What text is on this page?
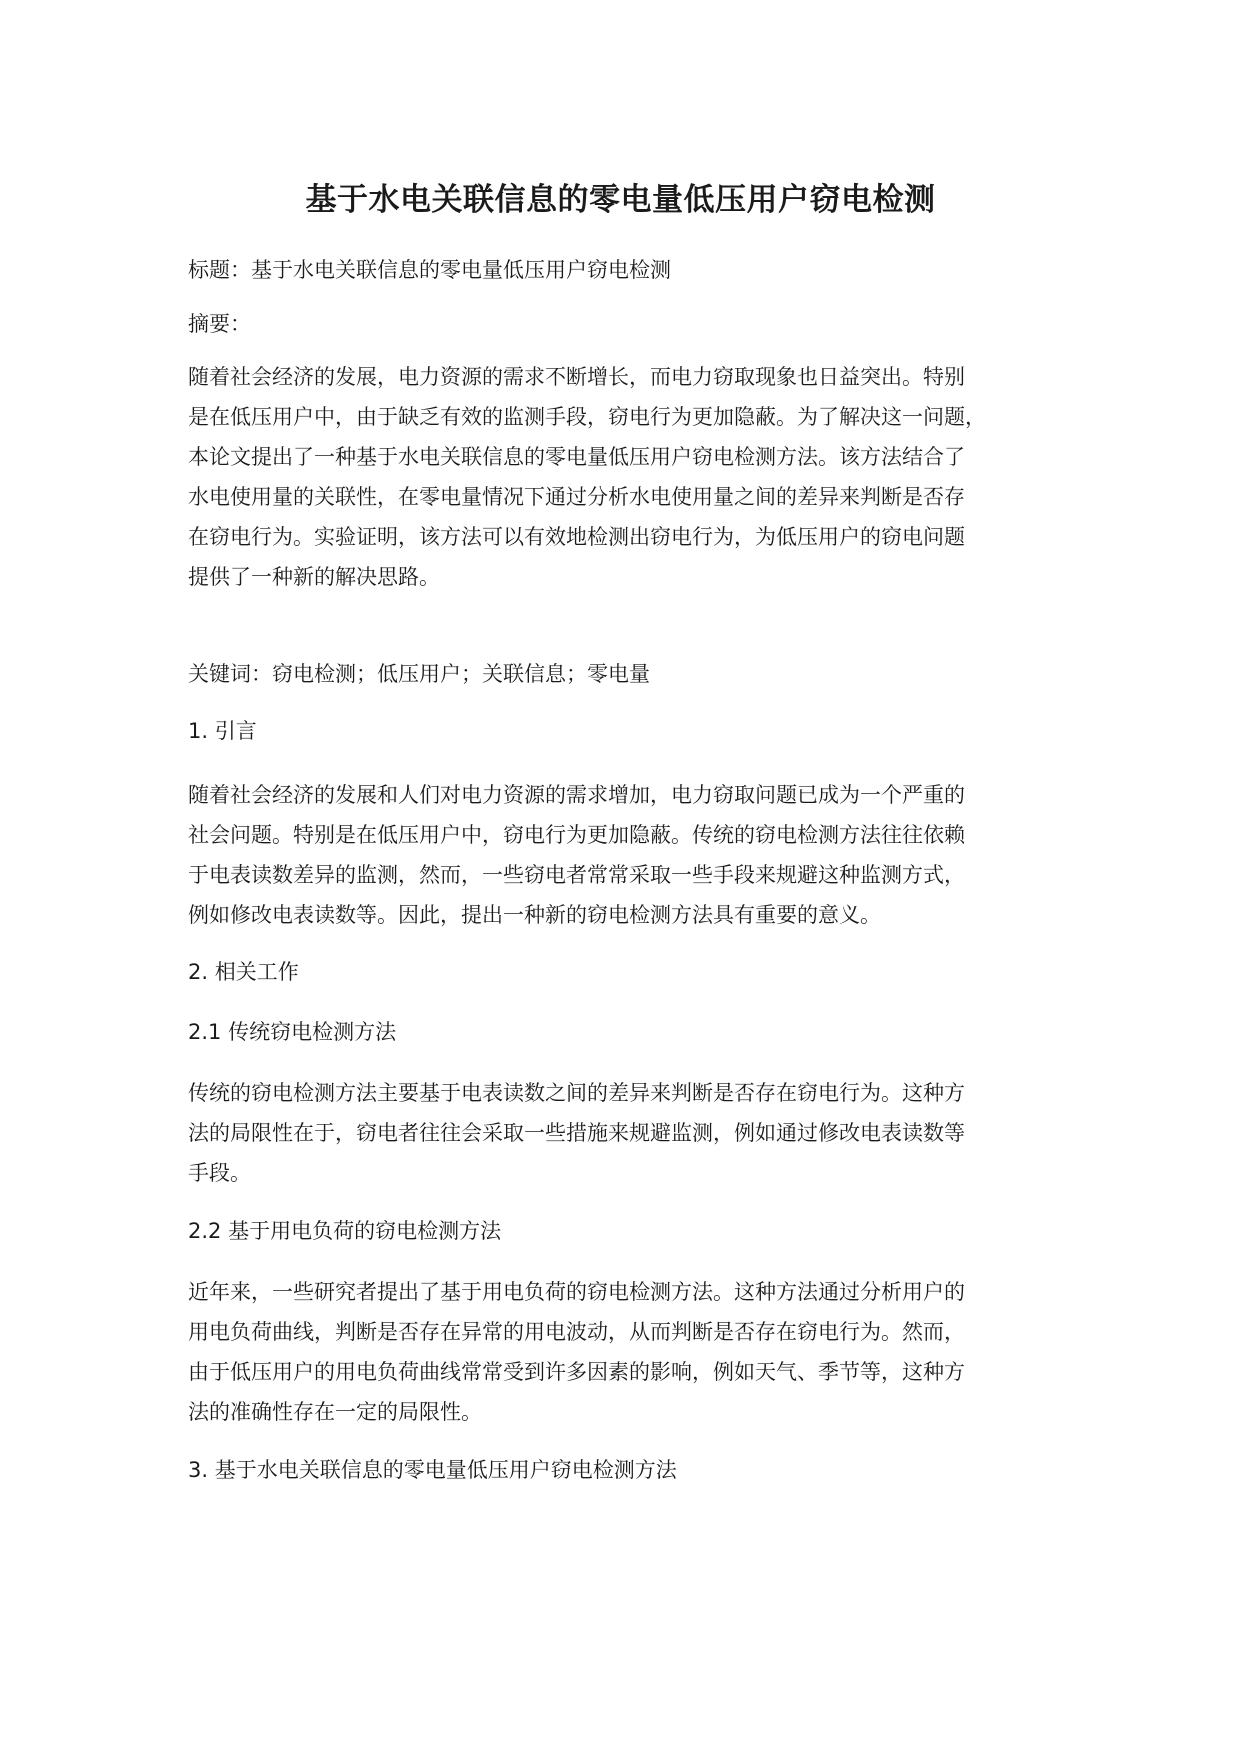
基于水电关联信息的零电量低压用户窃电检测

标题：基于水电关联信息的零电量低压用户窃电检测

摘要：

随着社会经济的发展，电力资源的需求不断增长，而电力窃取现象也日益突出。特别
是在低压用户中，由于缺乏有效的监测手段，窃电行为更加隐蔽。为了解决这一问题，
本论文提出了一种基于水电关联信息的零电量低压用户窃电检测方法。该方法结合了
水电使用量的关联性，在零电量情况下通过分析水电使用量之间的差异来判断是否存
在窃电行为。实验证明，该方法可以有效地检测出窃电行为，为低压用户的窃电问题
提供了一种新的解决思路。

关键词：窃电检测；低压用户；关联信息；零电量

1. 引言

随着社会经济的发展和人们对电力资源的需求增加，电力窃取问题已成为一个严重的
社会问题。特别是在低压用户中，窃电行为更加隐蔽。传统的窃电检测方法往往依赖
于电表读数差异的监测，然而，一些窃电者常常采取一些手段来规避这种监测方式，
例如修改电表读数等。因此，提出一种新的窃电检测方法具有重要的意义。

2. 相关工作

2.1 传统窃电检测方法

传统的窃电检测方法主要基于电表读数之间的差异来判断是否存在窃电行为。这种方
法的局限性在于，窃电者往往会采取一些措施来规避监测，例如通过修改电表读数等
手段。

2.2 基于用电负荷的窃电检测方法

近年来，一些研究者提出了基于用电负荷的窃电检测方法。这种方法通过分析用户的
用电负荷曲线，判断是否存在异常的用电波动，从而判断是否存在窃电行为。然而，
由于低压用户的用电负荷曲线常常受到许多因素的影响，例如天气、季节等，这种方
法的准确性存在一定的局限性。

3. 基于水电关联信息的零电量低压用户窃电检测方法
